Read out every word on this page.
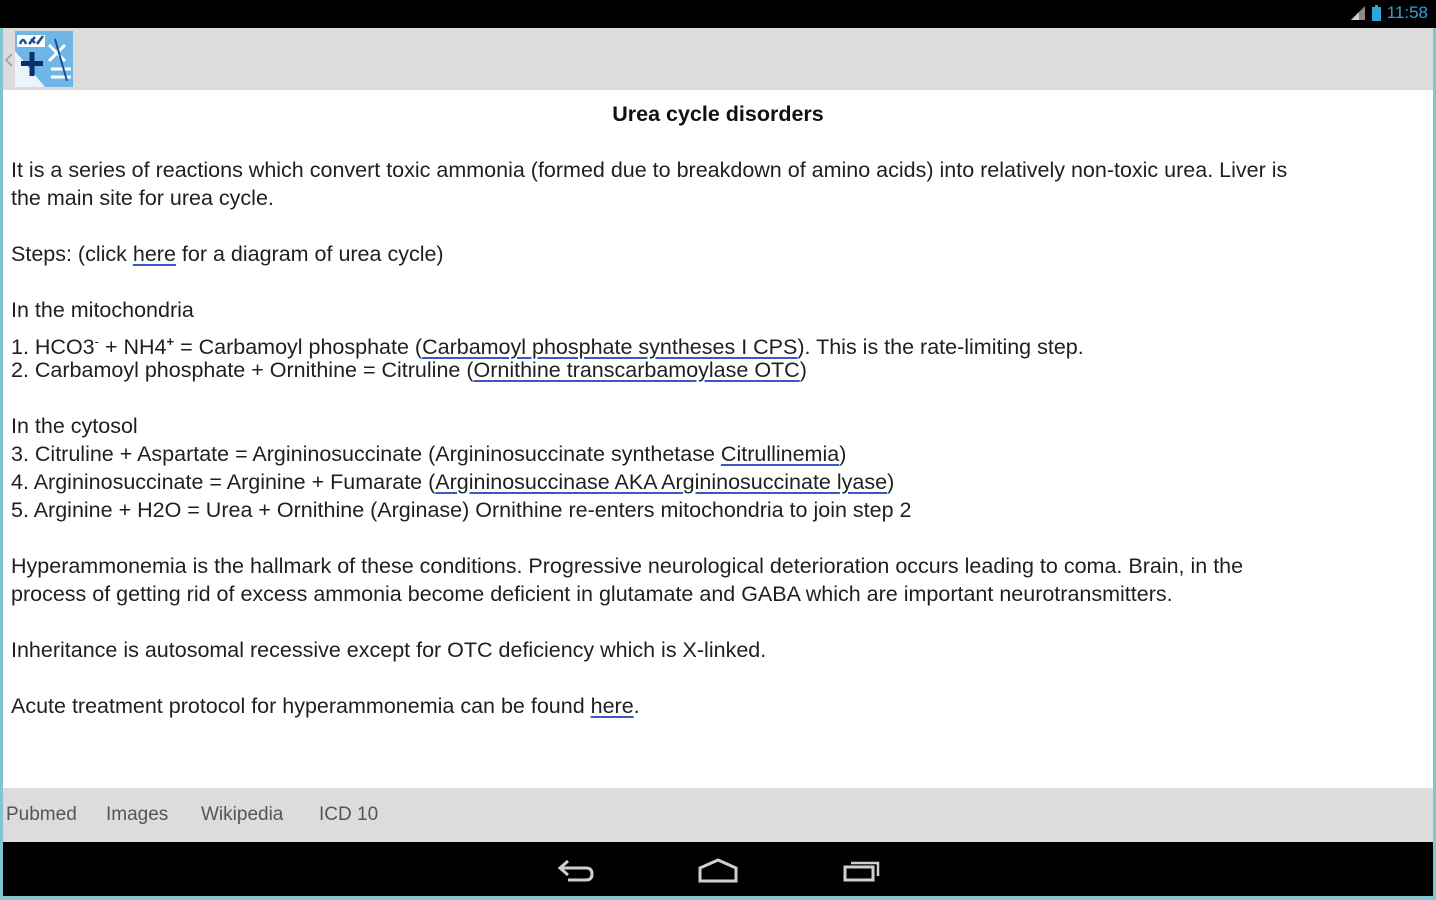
11:58
Urea cycle disorders
It is a series of reactions which convert toxic ammonia (formed due to breakdown of amino acids) into relatively non-toxic urea. Liver is
the main site for urea cycle.
Steps: (click here for a diagram of urea cycle)
In the mitochondria
1. HCO3- + NH4+ = Carbamoyl phosphate (Carbamoyl phosphate syntheses I CPS). This is the rate-limiting step.
2. Carbamoyl phosphate + Ornithine = Citruline (Ornithine transcarbamoylase OTC)
In the cytosol
3. Citruline + Aspartate = Argininosuccinate (Argininosuccinate synthetase Citrullinemia)
4. Argininosuccinate = Arginine + Fumarate (Argininosuccinase AKA Argininosuccinate lyase)
5. Arginine + H2O = Urea + Ornithine (Arginase) Ornithine re-enters mitochondria to join step 2
Hyperammonemia is the hallmark of these conditions. Progressive neurological deterioration occurs leading to coma. Brain, in the
process of getting rid of excess ammonia become deficient in glutamate and GABA which are important neurotransmitters.
Inheritance is autosomal recessive except for OTC deficiency which is X-linked.
Acute treatment protocol for hyperammonemia can be found here.
Pubmed Images Wikipedia ICD 10
